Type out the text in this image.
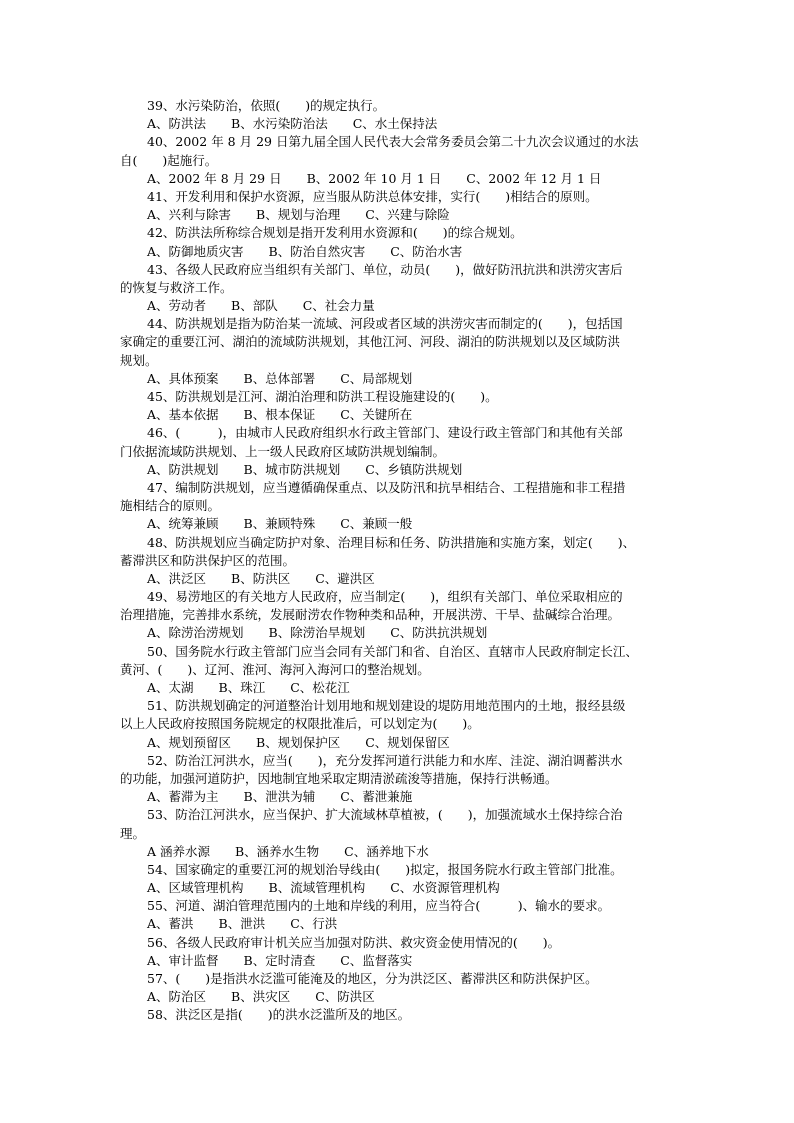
39、水污染防治，依照(　　)的规定执行。
A、防洪法　　B、水污染防治法　　C、水土保持法
40、2002 年 8 月 29 日第九届全国人民代表大会常务委员会第二十九次会议通过的水法
自(　　)起施行。
A、2002 年 8 月 29 日　　B、2002 年 10 月 1 日　　C、2002 年 12 月 1 日
41、开发利用和保护水资源，应当服从防洪总体安排，实行(　　)相结合的原则。
A、兴利与除害　　B、规划与治理　　C、兴建与除险
42、防洪法所称综合规划是指开发利用水资源和(　　)的综合规划。
A、防御地质灾害　　B、防治自然灾害　　C、防治水害
43、各级人民政府应当组织有关部门、单位，动员(　　)，做好防汛抗洪和洪涝灾害后
的恢复与救济工作。
A、劳动者　　B、部队　　C、社会力量
44、防洪规划是指为防治某一流域、河段或者区域的洪涝灾害而制定的(　　)，包括国
家确定的重要江河、湖泊的流域防洪规划，其他江河、河段、湖泊的防洪规划以及区域防洪
规划。
A、具体预案　　B、总体部署　　C、局部规划
45、防洪规划是江河、湖泊治理和防洪工程设施建设的(　　)。
A、基本依据　　B、根本保证　　C、关键所在
46、(　　　)，由城市人民政府组织水行政主管部门、建设行政主管部门和其他有关部
门依据流域防洪规划、上一级人民政府区域防洪规划编制。
A、防洪规划　　B、城市防洪规划　　C、乡镇防洪规划
47、编制防洪规划，应当遵循确保重点、以及防汛和抗旱相结合、工程措施和非工程措
施相结合的原则。
A、统筹兼顾　　B、兼顾特殊　　C、兼顾一般
48、防洪规划应当确定防护对象、治理目标和任务、防洪措施和实施方案，划定(　　)、
蓄滞洪区和防洪保护区的范围。
A、洪泛区　　B、防洪区　　C、避洪区
49、易涝地区的有关地方人民政府，应当制定(　　)，组织有关部门、单位采取相应的
治理措施，完善排水系统，发展耐涝农作物种类和品种，开展洪涝、干旱、盐碱综合治理。
A、除涝治涝规划　　B、除涝治旱规划　　C、防洪抗洪规划
50、国务院水行政主管部门应当会同有关部门和省、自治区、直辖市人民政府制定长江、
黄河、(　　)、辽河、淮河、海河入海河口的整治规划。
A、太湖　　B、珠江　　C、松花江
51、防洪规划确定的河道整治计划用地和规划建设的堤防用地范围内的土地，报经县级
以上人民政府按照国务院规定的权限批准后，可以划定为(　　)。
A、规划预留区　　B、规划保护区　　C、规划保留区
52、防治江河洪水，应当(　　)，充分发挥河道行洪能力和水库、洼淀、湖泊调蓄洪水
的功能，加强河道防护，因地制宜地采取定期清淤疏浚等措施，保持行洪畅通。
A、蓄滞为主　　B、泄洪为辅　　C、蓄泄兼施
53、防治江河洪水，应当保护、扩大流域林草植被，(　　)，加强流域水土保持综合治
理。
A 涵养水源　　B、涵养水生物　　C、涵养地下水
54、国家确定的重要江河的规划治导线由(　　)拟定，报国务院水行政主管部门批准。
A、区域管理机构　　B、流域管理机构　　C、水资源管理机构
55、河道、湖泊管理范围内的土地和岸线的利用，应当符合(　　　)、输水的要求。
A、蓄洪　　B、泄洪　　C、行洪
56、各级人民政府审计机关应当加强对防洪、救灾资金使用情况的(　　)。
A、审计监督　　B、定时清查　　C、监督落实
57、(　　)是指洪水泛滥可能淹及的地区，分为洪泛区、蓄滞洪区和防洪保护区。
A、防治区　　B、洪灾区　　C、防洪区
58、洪泛区是指(　　)的洪水泛滥所及的地区。
